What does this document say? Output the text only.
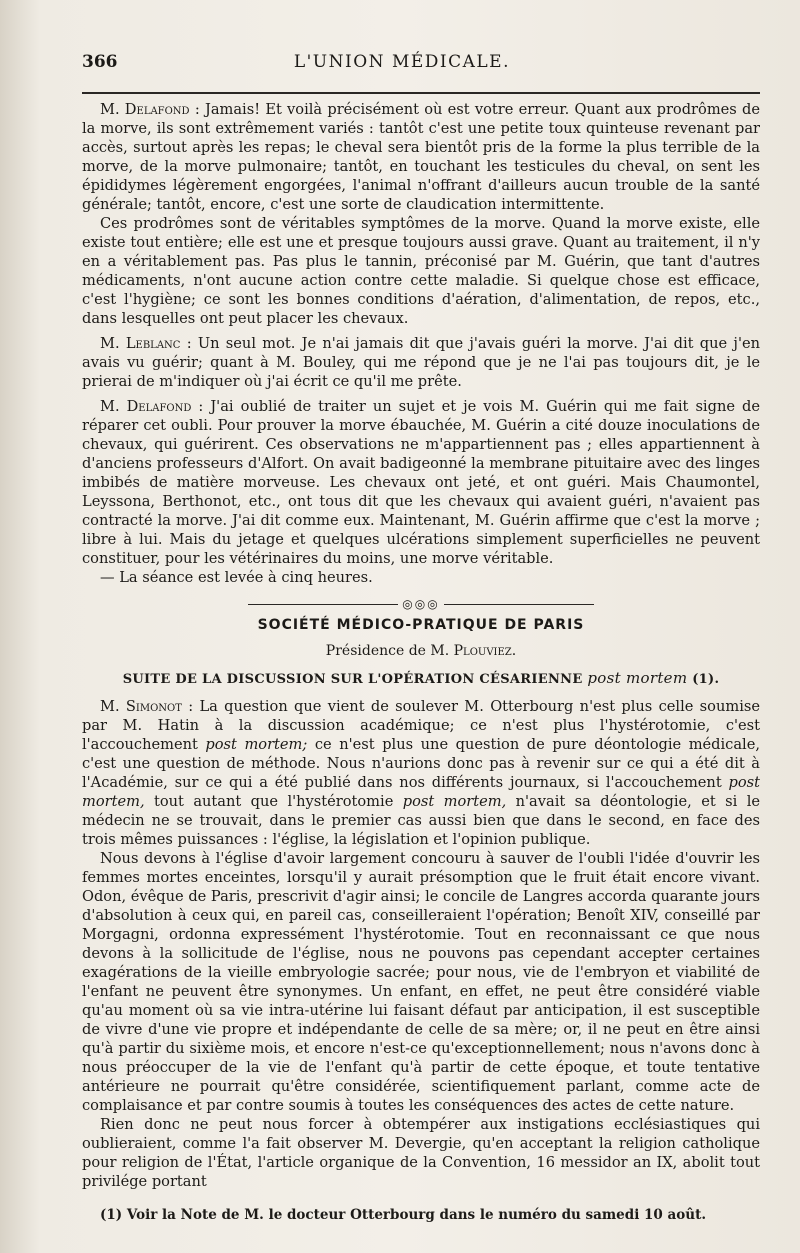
366	L'UNION MÉDICALE.

M. Delafond : Jamais! Et voilà précisément où est votre erreur. Quant aux prodrômes de la morve, ils sont extrêmement variés : tantôt c'est une petite toux quinteuse revenant par accès, surtout après les repas; le cheval sera bientôt pris de la forme la plus terrible de la morve, de la morve pulmonaire; tantôt, en touchant les testicules du cheval, on sent les épididymes légèrement engorgées, l'animal n'offrant d'ailleurs aucun trouble de la santé générale; tantôt, encore, c'est une sorte de claudication intermittente.

Ces prodrômes sont de véritables symptômes de la morve. Quand la morve existe, elle existe tout entière; elle est une et presque toujours aussi grave. Quant au traitement, il n'y en a véritablement pas. Pas plus le tannin, préconisé par M. Guérin, que tant d'autres médicaments, n'ont aucune action contre cette maladie. Si quelque chose est efficace, c'est l'hygiène; ce sont les bonnes conditions d'aération, d'alimentation, de repos, etc., dans lesquelles ont peut placer les chevaux.

M. Leblanc : Un seul mot. Je n'ai jamais dit que j'avais guéri la morve. J'ai dit que j'en avais vu guérir; quant à M. Bouley, qui me répond que je ne l'ai pas toujours dit, je le prierai de m'indiquer où j'ai écrit ce qu'il me prête.

M. Delafond : J'ai oublié de traiter un sujet et je vois M. Guérin qui me fait signe de réparer cet oubli. Pour prouver la morve ébauchée, M. Guérin a cité douze inoculations de chevaux, qui guérirent. Ces observations ne m'appartiennent pas ; elles appartiennent à d'anciens professeurs d'Alfort. On avait badigeonné la membrane pituitaire avec des linges imbibés de matière morveuse. Les chevaux ont jeté, et ont guéri. Mais Chaumontel, Leyssona, Berthonot, etc., ont tous dit que les chevaux qui avaient guéri, n'avaient pas contracté la morve. J'ai dit comme eux. Maintenant, M. Guérin affirme que c'est la morve ; libre à lui. Mais du jetage et quelques ulcérations simplement superficielles ne peuvent constituer, pour les vétérinaires du moins, une morve véritable.

— La séance est levée à cinq heures.

◎◎◎
SOCIÉTÉ MÉDICO-PRATIQUE DE PARIS
Présidence de M. Plouviez.
SUITE DE LA DISCUSSION SUR L'OPÉRATION CÉSARIENNE post mortem (1).

M. Simonot : La question que vient de soulever M. Otterbourg n'est plus celle soumise par M. Hatin à la discussion académique; ce n'est plus l'hystérotomie, c'est l'accouchement post mortem; ce n'est plus une question de pure déontologie médicale, c'est une question de méthode. Nous n'aurions donc pas à revenir sur ce qui a été dit à l'Académie, sur ce qui a été publié dans nos différents journaux, si l'accouchement post mortem, tout autant que l'hystérotomie post mortem, n'avait sa déontologie, et si le médecin ne se trouvait, dans le premier cas aussi bien que dans le second, en face des trois mêmes puissances : l'église, la législation et l'opinion publique.

Nous devons à l'église d'avoir largement concouru à sauver de l'oubli l'idée d'ouvrir les femmes mortes enceintes, lorsqu'il y aurait présomption que le fruit était encore vivant. Odon, évêque de Paris, prescrivit d'agir ainsi; le concile de Langres accorda quarante jours d'absolution à ceux qui, en pareil cas, conseilleraient l'opération; Benoît XIV, conseillé par Morgagni, ordonna expressément l'hystérotomie. Tout en reconnaissant ce que nous devons à la sollicitude de l'église, nous ne pouvons pas cependant accepter certaines exagérations de la vieille embryologie sacrée; pour nous, vie de l'embryon et viabilité de l'enfant ne peuvent être synonymes. Un enfant, en effet, ne peut être considéré viable qu'au moment où sa vie intra-utérine lui faisant défaut par anticipation, il est susceptible de vivre d'une vie propre et indépendante de celle de sa mère; or, il ne peut en être ainsi qu'à partir du sixième mois, et encore n'est-ce qu'exceptionnellement; nous n'avons donc à nous préoccuper de la vie de l'enfant qu'à partir de cette époque, et toute tentative antérieure ne pourrait qu'être considérée, scientifiquement parlant, comme acte de complaisance et par contre soumis à toutes les conséquences des actes de cette nature.

Rien donc ne peut nous forcer à obtempérer aux instigations ecclésiastiques qui oublieraient, comme l'a fait observer M. Devergie, qu'en acceptant la religion catholique pour religion de l'État, l'article organique de la Convention, 16 messidor an IX, abolit tout privilége portant

(1) Voir la Note de M. le docteur Otterbourg dans le numéro du samedi 10 août.
